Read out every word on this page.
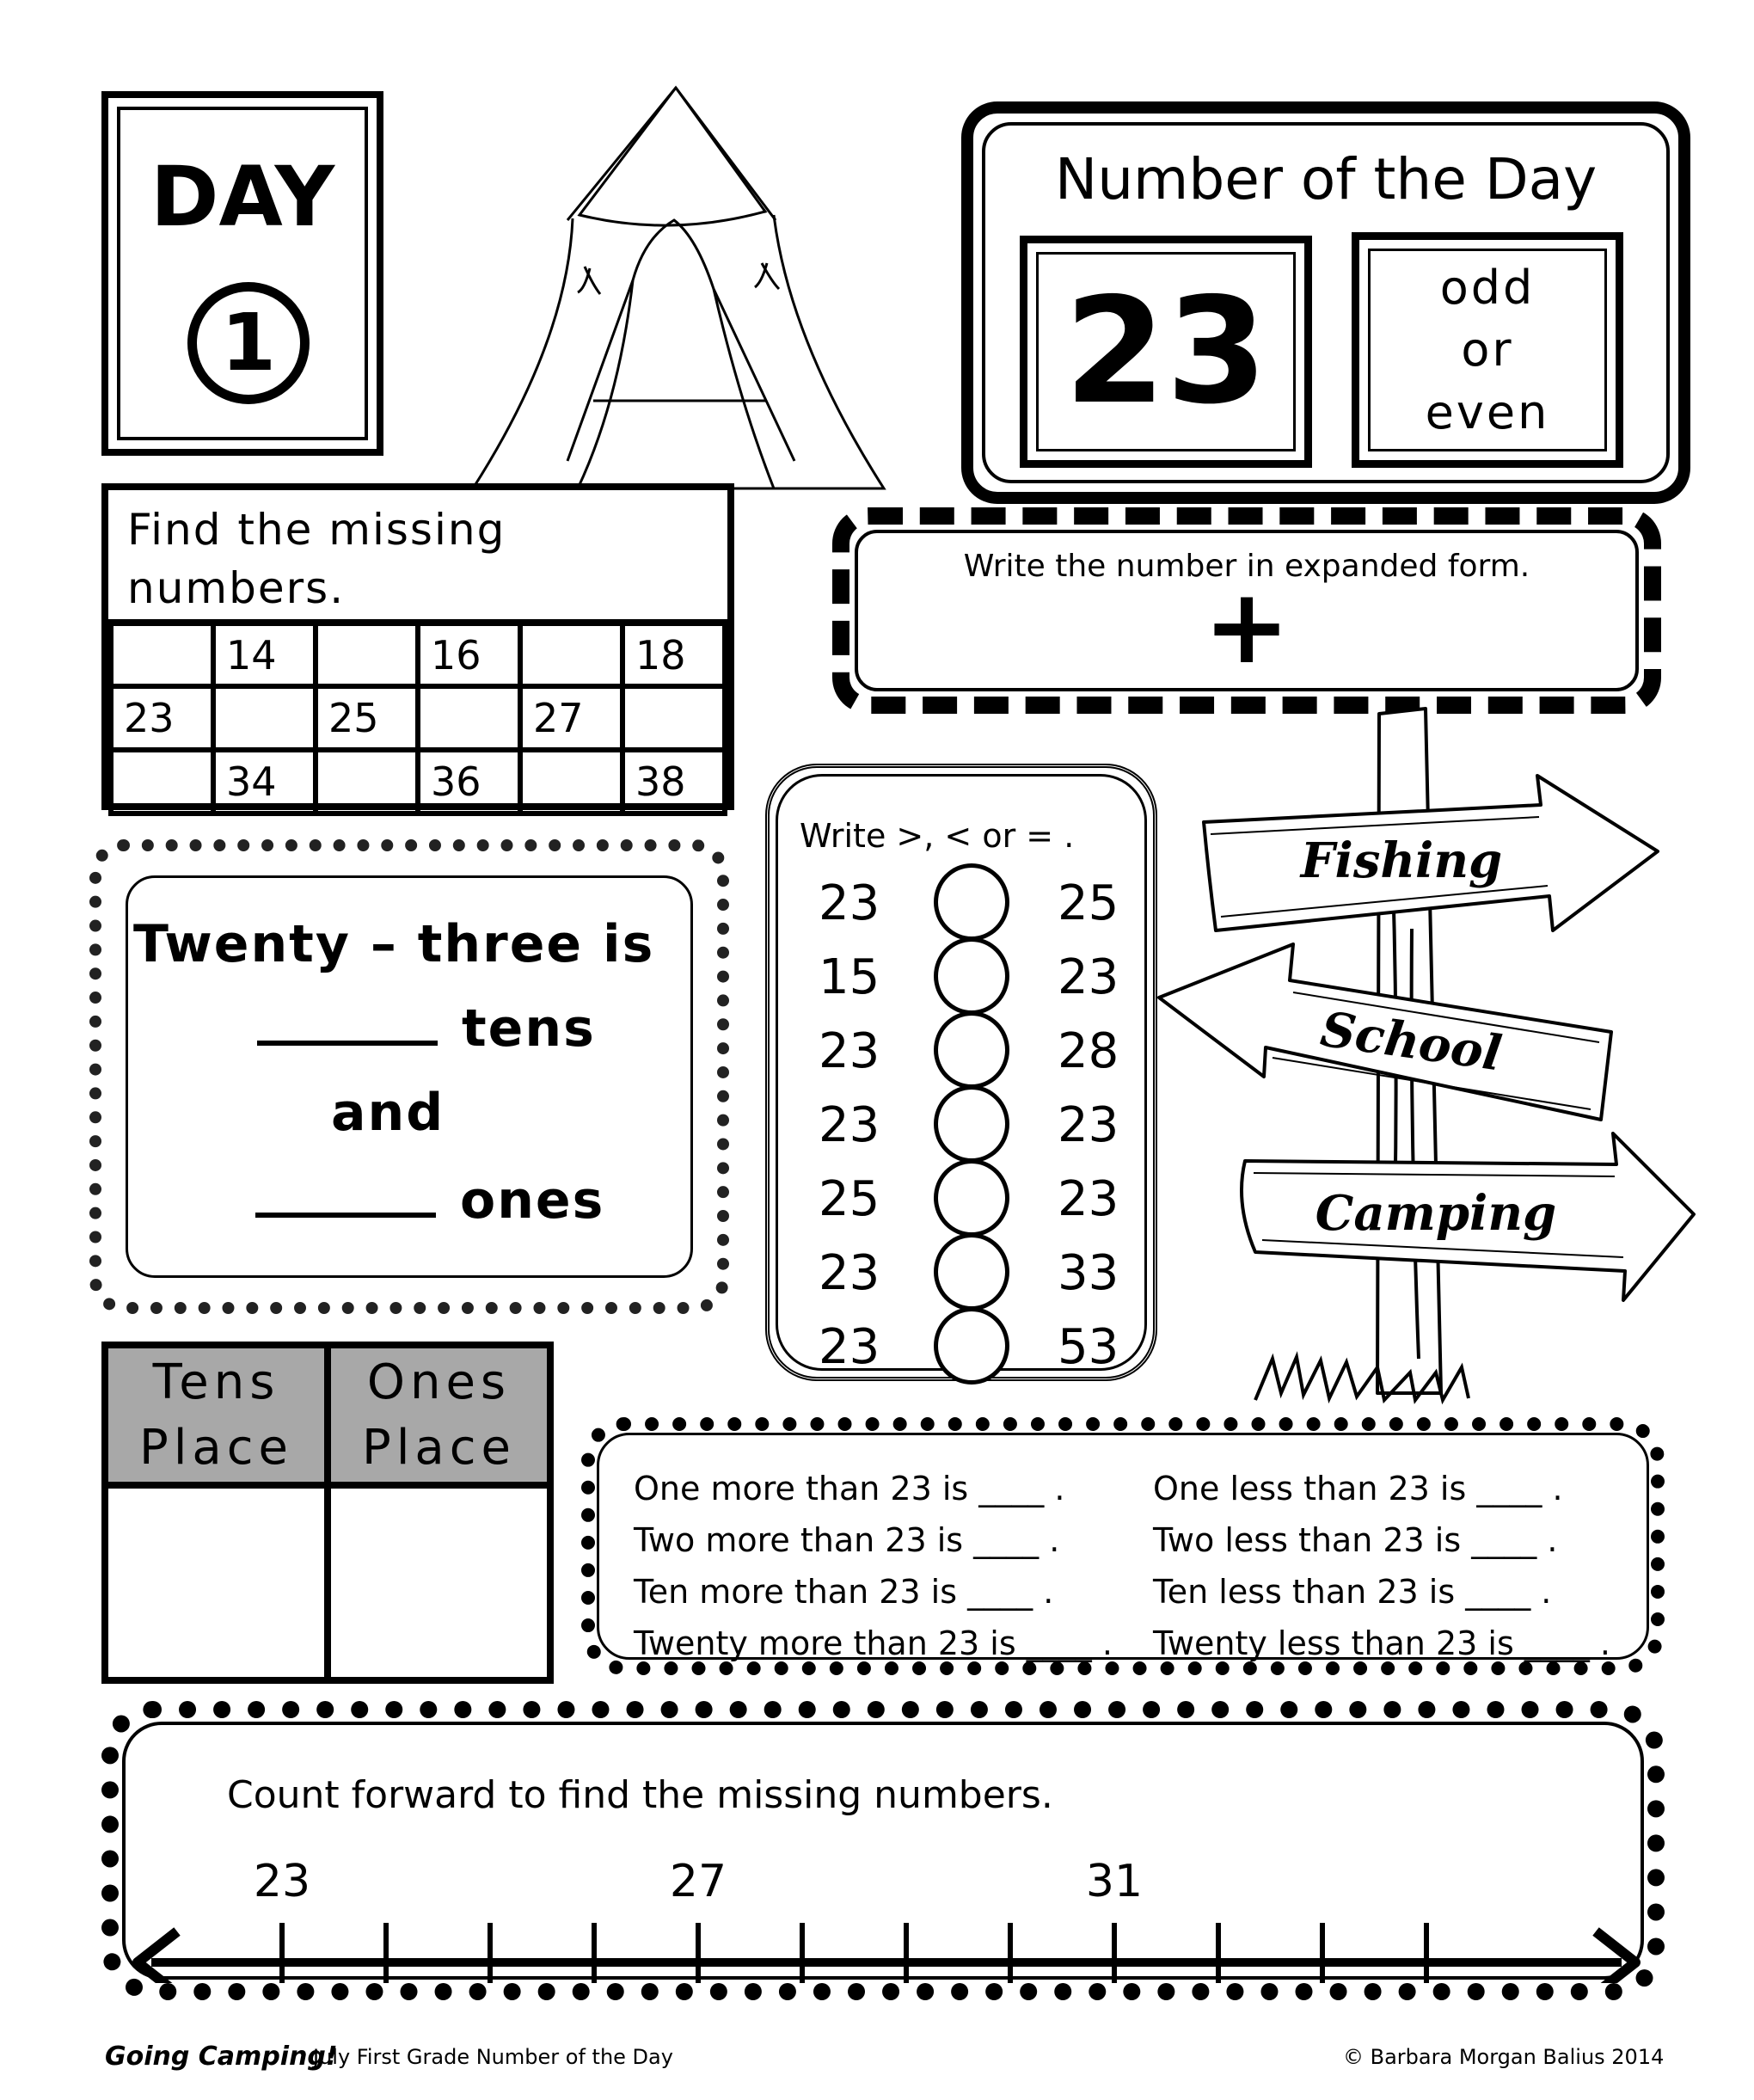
DAY
1
Number of the Day
23	odd
or
even
Find the missing
numbers.
	14		16		18
23		25		27	
	34		36		38
Write the number in expanded form.
+
Twenty – three is
tens
and
ones
Write >, < or = .
23	25
15	23
23	28
23	23
25	23
23	33
23	53
Fishing
School
Camping
Tens
Place
Ones
Place
One more than 23 is ____ .
Two more than 23 is ____ .
Ten more than 23 is ____ .
Twenty more than 23 is ____ .
One less than 23 is ____ .
Two less than 23 is ____ .
Ten less than 23 is ____ .
Twenty less than 23 is ____ .
Count forward to find the missing numbers.
23	27	31
Going Camping!
July First Grade Number of the Day	© Barbara Morgan Balius 2014
